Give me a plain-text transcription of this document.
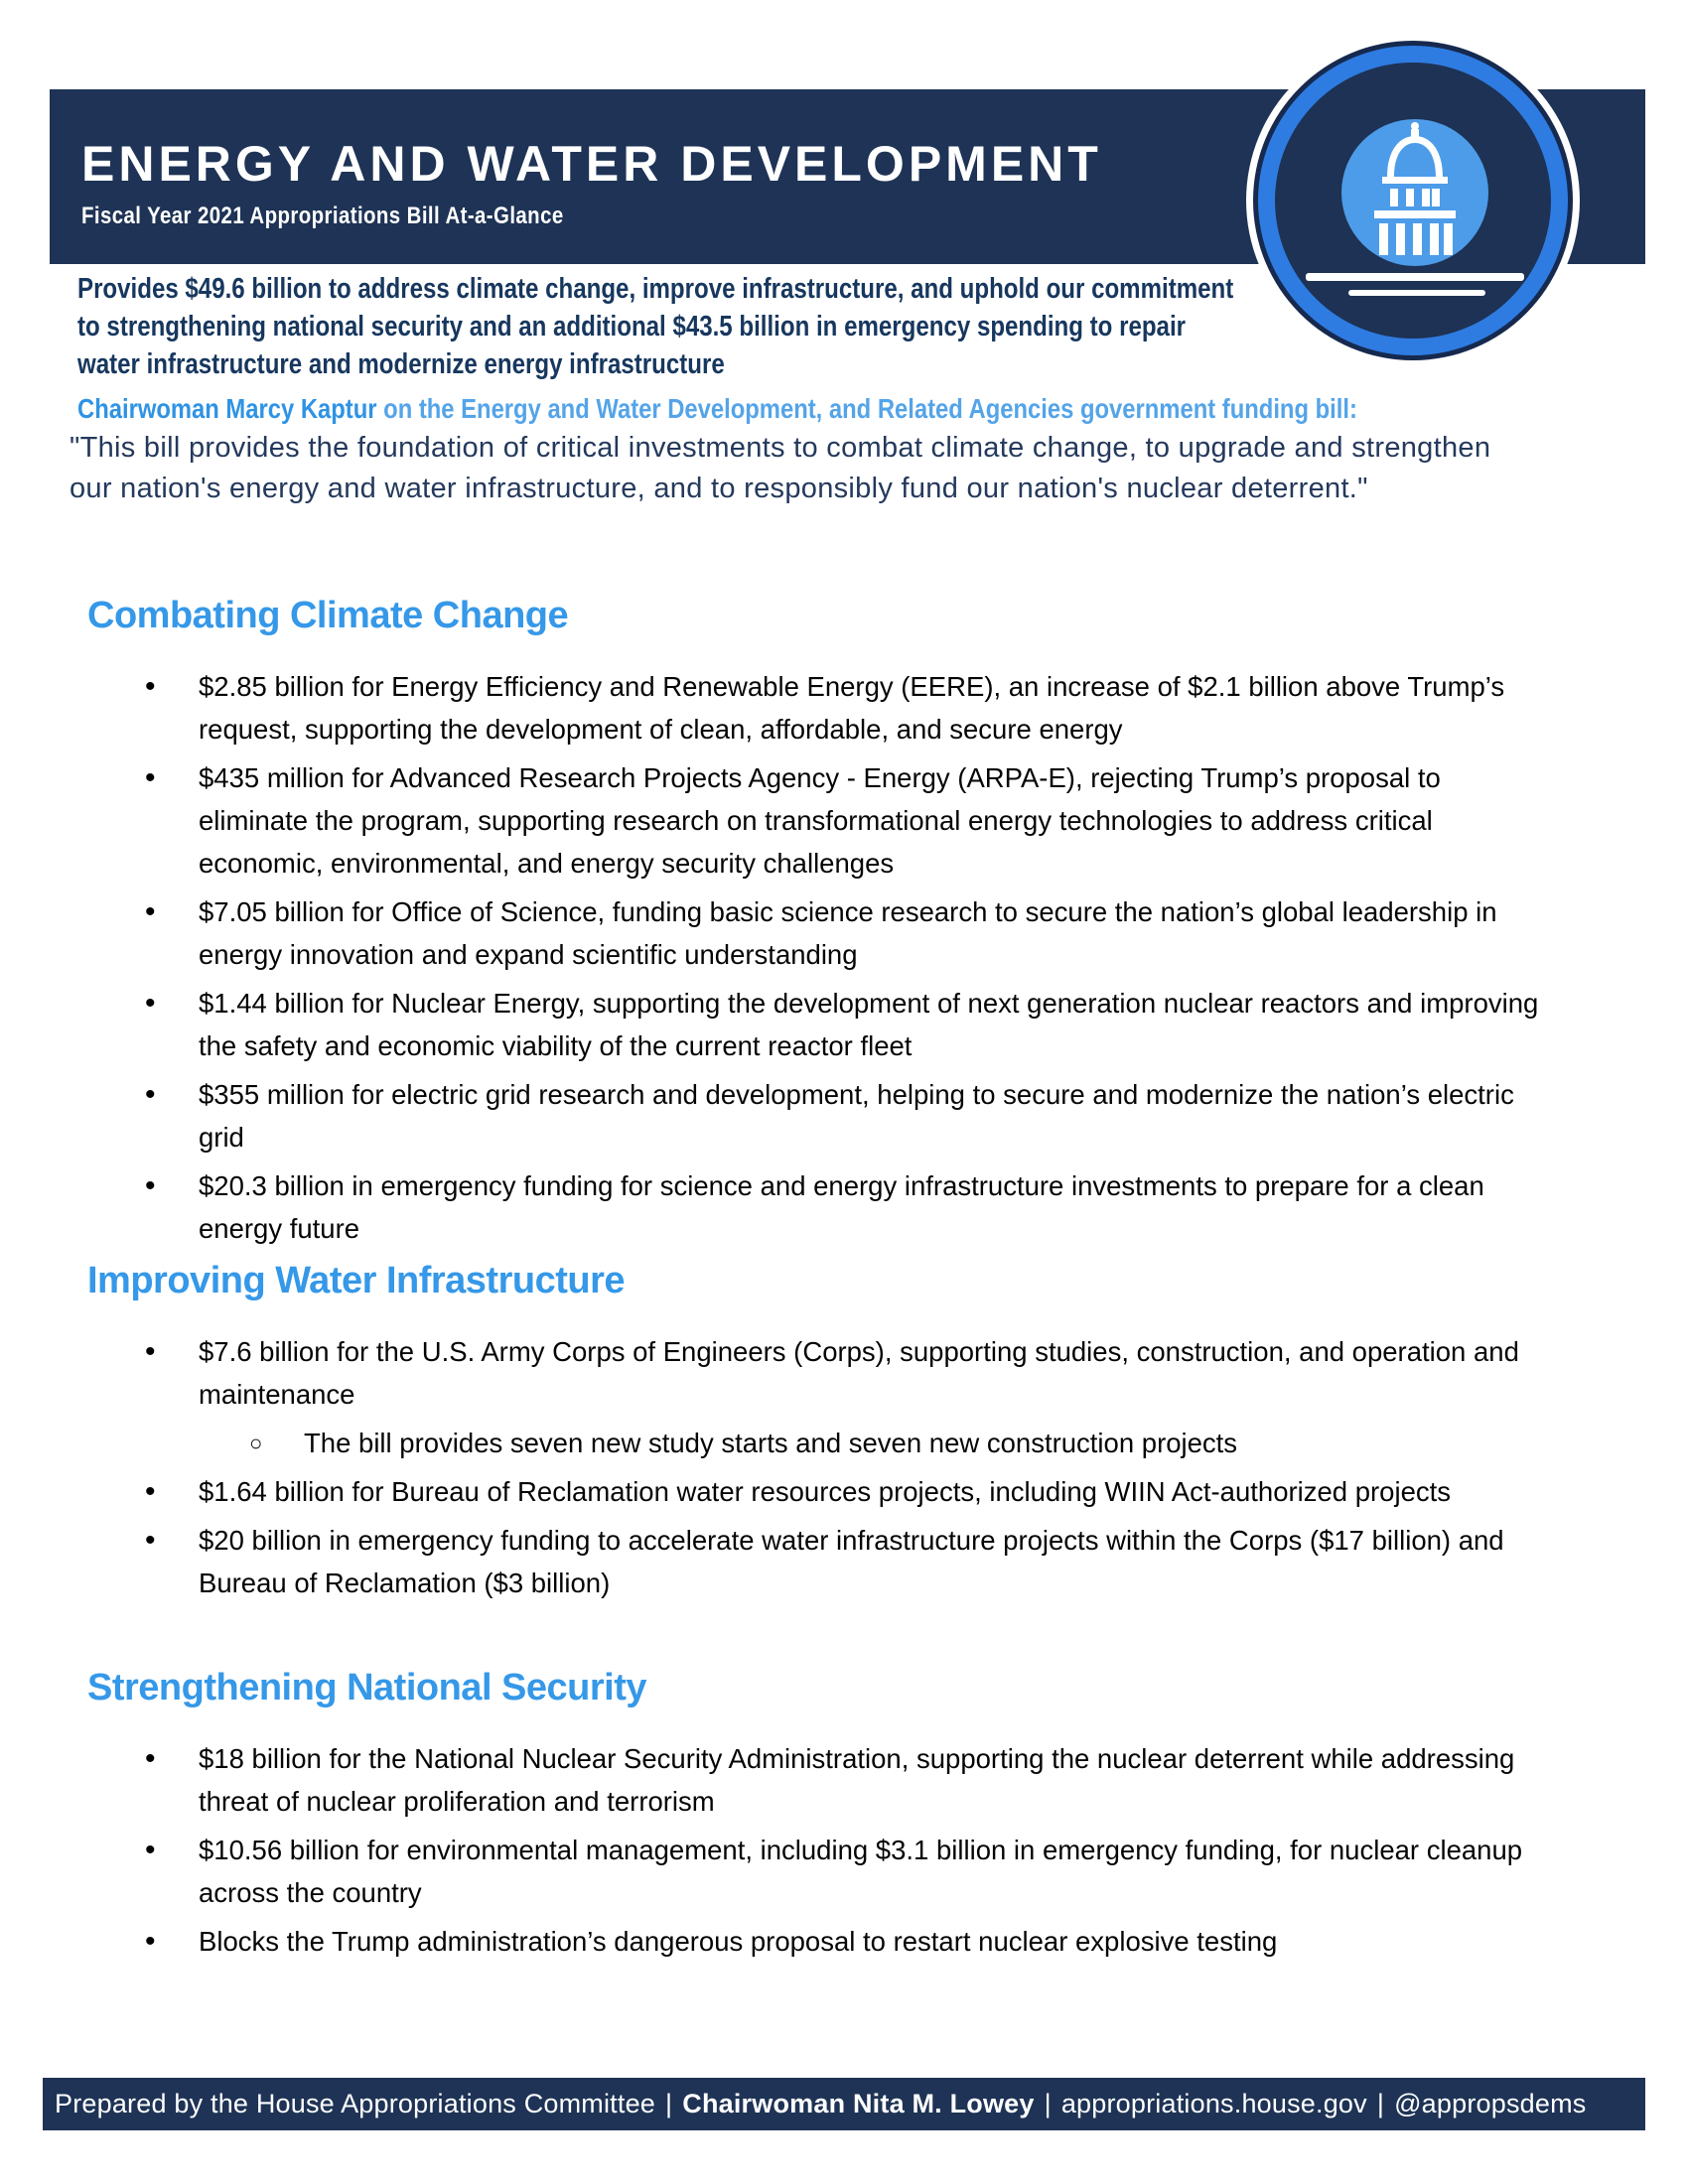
ENERGY AND WATER DEVELOPMENT
Fiscal Year 2021 Appropriations Bill At-a-Glance
Provides $49.6 billion to address climate change, improve infrastructure, and uphold our commitment to strengthening national security and an additional $43.5 billion in emergency spending to repair water infrastructure and modernize energy infrastructure
Chairwoman Marcy Kaptur on the Energy and Water Development, and Related Agencies government funding bill:
"This bill provides the foundation of critical investments to combat climate change, to upgrade and strengthen our nation's energy and water infrastructure, and to responsibly fund our nation's nuclear deterrent."
Combating Climate Change
• $2.85 billion for Energy Efficiency and Renewable Energy (EERE), an increase of $2.1 billion above Trump’s request, supporting the development of clean, affordable, and secure energy
• $435 million for Advanced Research Projects Agency - Energy (ARPA-E), rejecting Trump’s proposal to eliminate the program, supporting research on transformational energy technologies to address critical economic, environmental, and energy security challenges
• $7.05 billion for Office of Science, funding basic science research to secure the nation’s global leadership in energy innovation and expand scientific understanding
• $1.44 billion for Nuclear Energy, supporting the development of next generation nuclear reactors and improving the safety and economic viability of the current reactor fleet
• $355 million for electric grid research and development, helping to secure and modernize the nation’s electric grid
• $20.3 billion in emergency funding for science and energy infrastructure investments to prepare for a clean energy future
Improving Water Infrastructure
• $7.6 billion for the U.S. Army Corps of Engineers (Corps), supporting studies, construction, and operation and maintenance
○ The bill provides seven new study starts and seven new construction projects
• $1.64 billion for Bureau of Reclamation water resources projects, including WIIN Act-authorized projects
• $20 billion in emergency funding to accelerate water infrastructure projects within the Corps ($17 billion) and Bureau of Reclamation ($3 billion)
Strengthening National Security
• $18 billion for the National Nuclear Security Administration, supporting the nuclear deterrent while addressing threat of nuclear proliferation and terrorism
• $10.56 billion for environmental management, including $3.1 billion in emergency funding, for nuclear cleanup across the country
• Blocks the Trump administration’s dangerous proposal to restart nuclear explosive testing
Prepared by the House Appropriations Committee | Chairwoman Nita M. Lowey | appropriations.house.gov | @appropsdems
